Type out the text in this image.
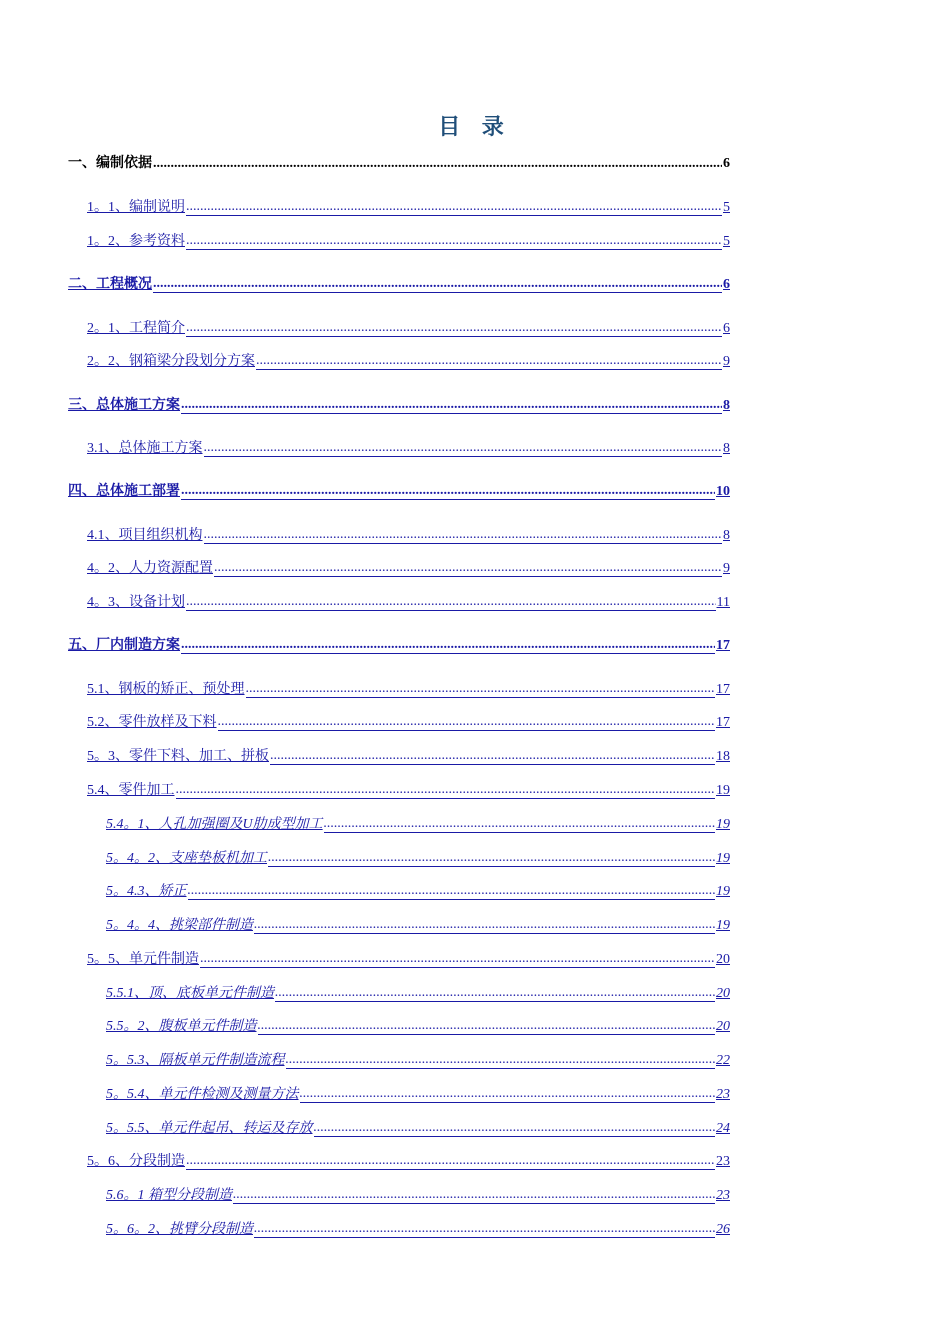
目 录
一、编制依据 .....	6
1。1、编制说明 .....	5
1。2、参考资料 .....	5
二、工程概况 .....	6
2。1、工程简介 .....	6
2。2、钢箱梁分段划分方案 .....	9
三、总体施工方案 .....	8
3.1、总体施工方案 .....	8
四、总体施工部署 .....	10
4.1、项目组织机构 .....	8
4。2、人力资源配置 .....	9
4。3、设备计划 .....	11
五、厂内制造方案 .....	17
5.1、钢板的矫正、预处理 .....	17
5.2、零件放样及下料 .....	17
5。3、零件下料、加工、拼板 .....	18
5.4、零件加工 .....	19
5.4。1、人孔加强圈及U肋成型加工 .....	19
5。4。2、支座垫板机加工 .....	19
5。4.3、矫正 .....	19
5。4。4、挑梁部件制造 .....	19
5。5、单元件制造 .....	20
5.5.1、顶、底板单元件制造 .....	20
5.5。2、腹板单元件制造 .....	20
5。5.3、隔板单元件制造流程 .....	22
5。5.4、单元件检测及测量方法 .....	23
5。5.5、单元件起吊、转运及存放 .....	24
5。6、分段制造 .....	23
5.6。1 箱型分段制造 .....	23
5。6。2、挑臂分段制造 .....	26
